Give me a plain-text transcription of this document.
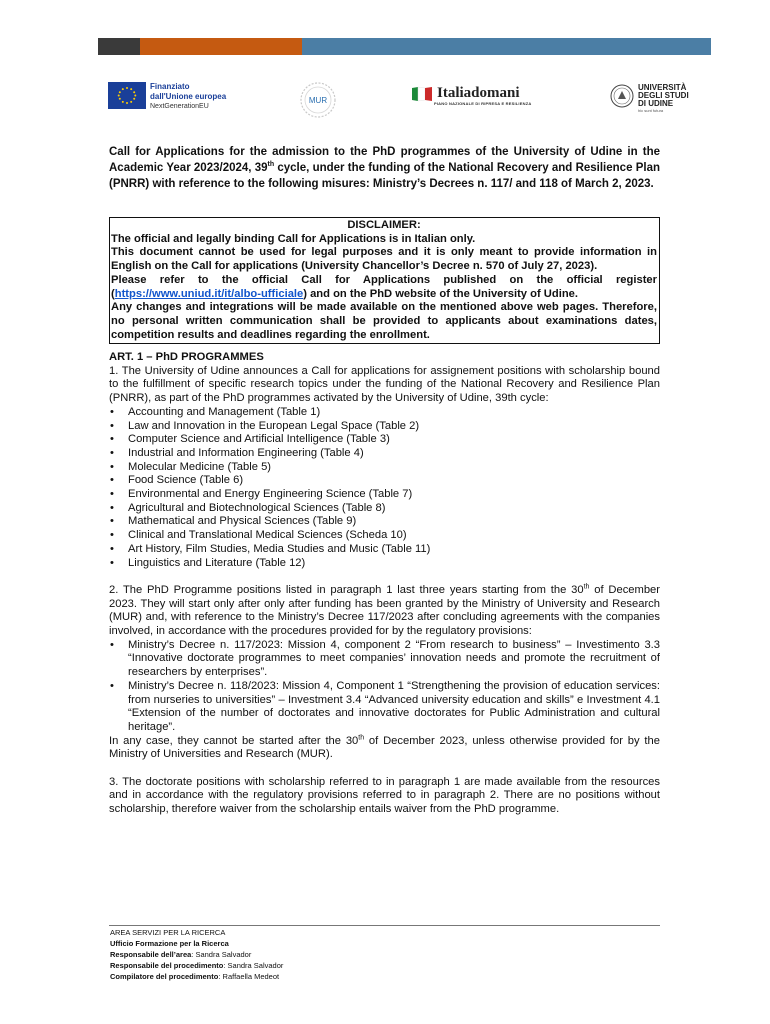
Finanziato
dall'Unione europea
NextGenerationEU
MUR	Italiadomani
PIANO NAZIONALE DI RIPRESA E RESILIENZA
UNIVERSITÀ
DEGLI STUDI
DI UDINE
hic sunt futura

Call for Applications for the admission to the PhD programmes of the University of Udine in the Academic Year 2023/2024, 39th cycle, under the funding of the National Recovery and Resilience Plan (PNRR) with reference to the following misures: Ministry’s Decrees n. 117/ and 118 of March 2, 2023.

DISCLAIMER:

The official and legally binding Call for Applications is in Italian only.

This document cannot be used for legal purposes and it is only meant to provide information in English on the Call for applications (University Chancellor’s Decree n. 570 of July 27, 2023).

Please refer to the official Call for Applications published on the official register (https://www.uniud.it/it/albo-ufficiale) and on the PhD website of the University of Udine.

Any changes and integrations will be made available on the mentioned above web pages. Therefore, no personal written communication shall be provided to applicants about examinations dates, competition results and deadlines regarding the enrollment.

ART. 1 – PhD PROGRAMMES

1. The University of Udine announces a Call for applications for assignement positions with scholarship bound to the fulfillment of specific research topics under the funding of the National Recovery and Resilience Plan (PNRR), as part of the PhD programmes activated by the University of Udine, 39th cycle:

• Accounting and Management (Table 1)
• Law and Innovation in the European Legal Space (Table 2)
• Computer Science and Artificial Intelligence (Table 3)
• Industrial and Information Engineering (Table 4)
• Molecular Medicine (Table 5)
• Food Science (Table 6)
• Environmental and Energy Engineering Science (Table 7)
• Agricultural and Biotechnological Sciences (Table 8)
• Mathematical and Physical Sciences (Table 9)
• Clinical and Translational Medical Sciences (Scheda 10)
• Art History, Film Studies, Media Studies and Music (Table 11)
• Linguistics and Literature (Table 12)

2. The PhD Programme positions listed in paragraph 1 last three years starting from the 30th of December 2023. They will start only after only after funding has been granted by the Ministry of University and Research (MUR) and, with reference to the Ministry’s Decree 117/2023 after concluding agreements with the companies involved, in accordance with the procedures provided for by the regulatory provisions:

• Ministry’s Decree n. 117/2023: Mission 4, component 2 “From research to business” – Investimento 3.3 “Innovative doctorate programmes to meet companies’ innovation needs and promote the recruitment of researchers by enterprises”.
• Ministry’s Decree n. 118/2023: Mission 4, Component 1 “Strengthening the provision of education services: from nurseries to universities” – Investment 3.4 “Advanced university education and skills” e Investment 4.1 “Extension of the number of doctorates and innovative doctorates for Public Administration and cultural heritage”.

In any case, they cannot be started after the 30th of December 2023, unless otherwise provided for by the Ministry of Universities and Research (MUR).

3. The doctorate positions with scholarship referred to in paragraph 1 are made available from the resources and in accordance with the regulatory provisions referred to in paragraph 2. There are no positions without scholarship, therefore waiver from the scholarship entails waiver from the PhD programme.

AREA SERVIZI PER LA RICERCA
Ufficio Formazione per la Ricerca
Responsabile dell’area: Sandra Salvador
Responsabile del procedimento: Sandra Salvador
Compilatore del procedimento: Raffaella Medeot
